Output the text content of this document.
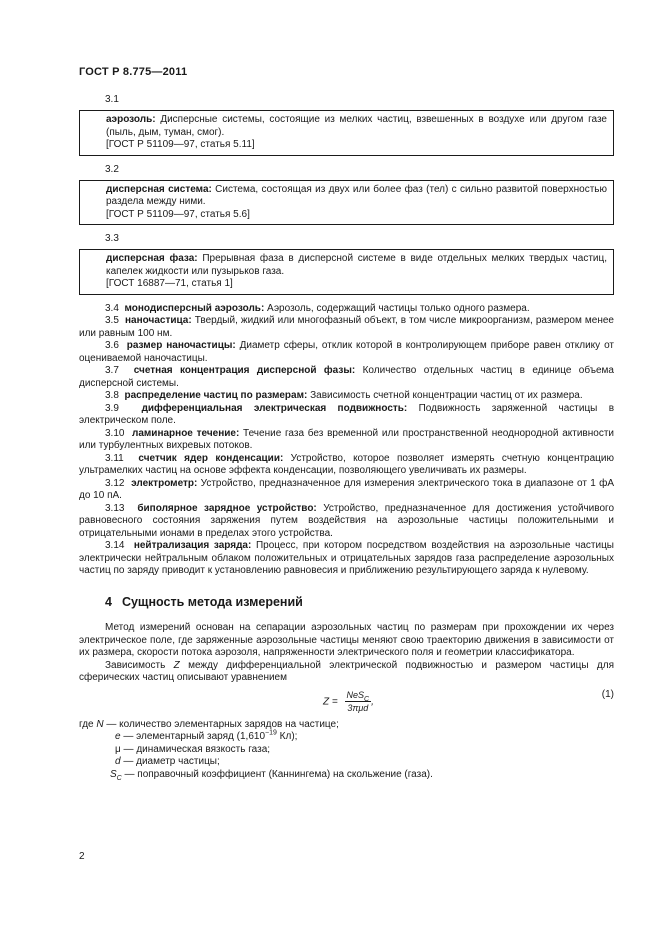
ГОСТ Р 8.775—2011
3.1

аэрозоль: Дисперсные системы, состоящие из мелких частиц, взвешенных в воздухе или другом газе (пыль, дым, туман, смог).

[ГОСТ Р 51109—97, статья 5.11]

3.2

дисперсная система: Система, состоящая из двух или более фаз (тел) с сильно развитой поверхностью раздела между ними.

[ГОСТ Р 51109—97, статья 5.6]

3.3

дисперсная фаза: Прерывная фаза в дисперсной системе в виде отдельных мелких твердых частиц, капелек жидкости или пузырьков газа.

[ГОСТ 16887—71, статья 1]

3.4 монодисперсный аэрозоль: Аэрозоль, содержащий частицы только одного размера.

3.5 наночастица: Твердый, жидкий или многофазный объект, в том числе микроорганизм, размером менее или равным 100 нм.

3.6 размер наночастицы: Диаметр сферы, отклик которой в контролирующем приборе равен отклику от оцениваемой наночастицы.

3.7 счетная концентрация дисперсной фазы: Количество отдельных частиц в единице объема дисперсной системы.

3.8 распределение частиц по размерам: Зависимость счетной концентрации частиц от их размера.

3.9 дифференциальная электрическая подвижность: Подвижность заряженной частицы в электрическом поле.

3.10 ламинарное течение: Течение газа без временной или пространственной неоднородной активности или турбулентных вихревых потоков.

3.11 счетчик ядер конденсации: Устройство, которое позволяет измерять счетную концентрацию ультрамелких частиц на основе эффекта конденсации, позволяющего увеличивать их размеры.

3.12 электрометр: Устройство, предназначенное для измерения электрического тока в диапазоне от 1 фА до 10 пА.

3.13 биполярное зарядное устройство: Устройство, предназначенное для достижения устойчивого равновесного состояния заряжения путем воздействия на аэрозольные частицы положительными и отрицательными ионами в пределах этого устройства.

3.14 нейтрализация заряда: Процесс, при котором посредством воздействия на аэрозольные частицы электрически нейтральным облаком положительных и отрицательных зарядов газа распределение аэрозольных частиц по заряду приводит к установлению равновесия и приближению результирующего заряда к нулевому.

4 Сущность метода измерений

Метод измерений основан на сепарации аэрозольных частиц по размерам при прохождении их через электрическое поле, где заряженные аэрозольные частицы меняют свою траекторию движения в зависимости от их размера, скорости потока аэрозоля, напряженности электрического поля и геометрии классификатора.

Зависимость Z между дифференциальной электрической подвижностью и размером частицы для сферических частиц описывают уравнением

$Z = \frac{NeS_C}{\text{3πμd}}$ ,
(1)

где N — количество элементарных зарядов на частице;

e — элементарный заряд ($1,610^{-19}$ Кл);

μ — динамическая вязкость газа;

d — диаметр частицы;

$S_C$ — поправочный коэффициент (Каннингема) на скольжение (газа).

2
